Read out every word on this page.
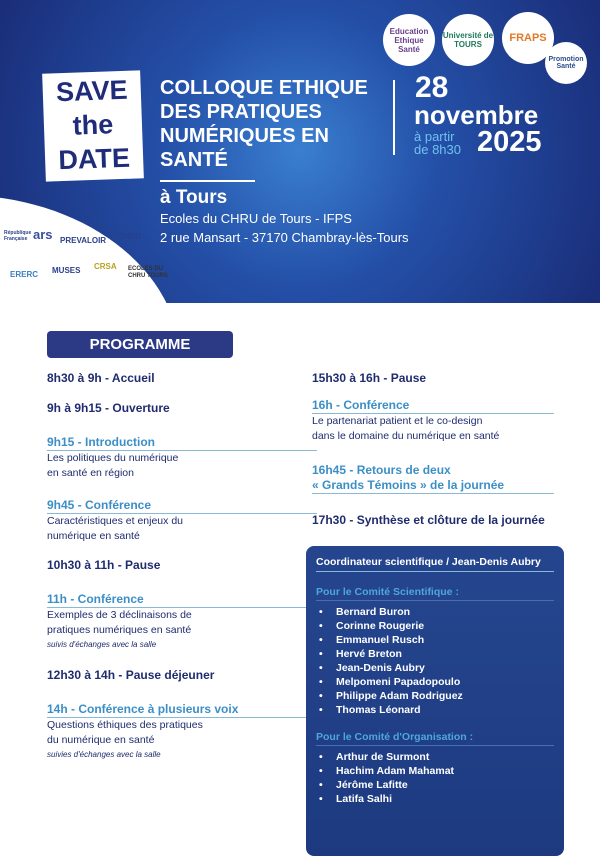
SAVE
the
DATE
COLLOQUE ETHIQUE
DES PRATIQUES
NUMÉRIQUES EN
SANTÉ
28
novembre
à partir
de 8h30 2025
à Tours
Ecoles du CHRU de Tours - IFPS
2 rue Mansart - 37170 Chambray-lès-Tours
Education Ethique Santé
Université de TOURS
FRAPS
Promotion Santé
République Française ars PREVALOIR CHRU
ERERC MUSES CRSA ECOLES DU CHRU TOURS
PROGRAMME
8h30 à 9h - Accueil
9h à 9h15 - Ouverture
9h15 - Introduction
Les politiques du numérique
en santé en région
9h45 - Conférence
Caractéristiques et enjeux du
numérique en santé
10h30 à 11h - Pause
11h - Conférence
Exemples de 3 déclinaisons de
pratiques numériques en santé
suivis d'échanges avec la salle
12h30 à 14h - Pause déjeuner
14h - Conférence à plusieurs voix
Questions éthiques des pratiques
du numérique en santé
suivies d'échanges avec la salle
15h30 à 16h - Pause
16h - Conférence
Le partenariat patient et le co-design
dans le domaine du numérique en santé
16h45 - Retours de deux
« Grands Témoins » de la journée
17h30 - Synthèse et clôture de la journée
Coordinateur scientifique / Jean-Denis Aubry
Pour le Comité Scientifique :
• Bernard Buron
• Corinne Rougerie
• Emmanuel Rusch
• Hervé Breton
• Jean-Denis Aubry
• Melpomeni Papadopoulo
• Philippe Adam Rodriguez
• Thomas Léonard
Pour le Comité d'Organisation :
• Arthur de Surmont
• Hachim Adam Mahamat
• Jérôme Lafitte
• Latifa Salhi
